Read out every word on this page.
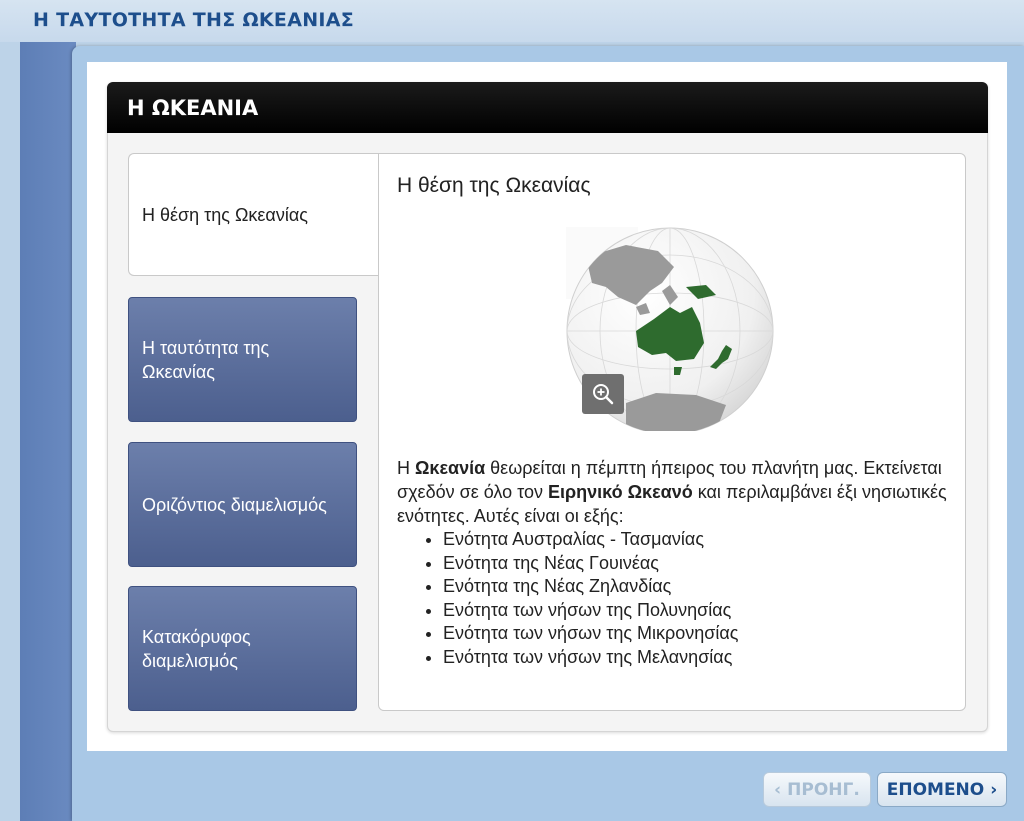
Η ΤΑΥΤΟΤΗΤΑ ΤΗΣ ΩΚΕΑΝΙΑΣ
Η ΩΚΕΑΝΙΑ
Η θέση της Ωκεανίας
Η ταυτότητα της Ωκεανίας
Οριζόντιος διαμελισμός
Κατακόρυφος διαμελισμός
Η θέση της Ωκεανίας

Η Ωκεανία θεωρείται η πέμπτη ήπειρος του πλανήτη μας. Εκτείνεται σχεδόν σε όλο τον Ειρηνικό Ωκεανό και περιλαμβάνει έξι νησιωτικές ενότητες. Αυτές είναι οι εξής:

• Ενότητα Αυστραλίας - Τασμανίας
• Ενότητα της Νέας Γουινέας
• Ενότητα της Νέας Ζηλανδίας
• Ενότητα των νήσων της Πολυνησίας
• Ενότητα των νήσων της Μικρονησίας
• Ενότητα των νήσων της Μελανησίας
‹ ΠΡΟΗΓ. ΕΠΟΜΕΝΟ ›
